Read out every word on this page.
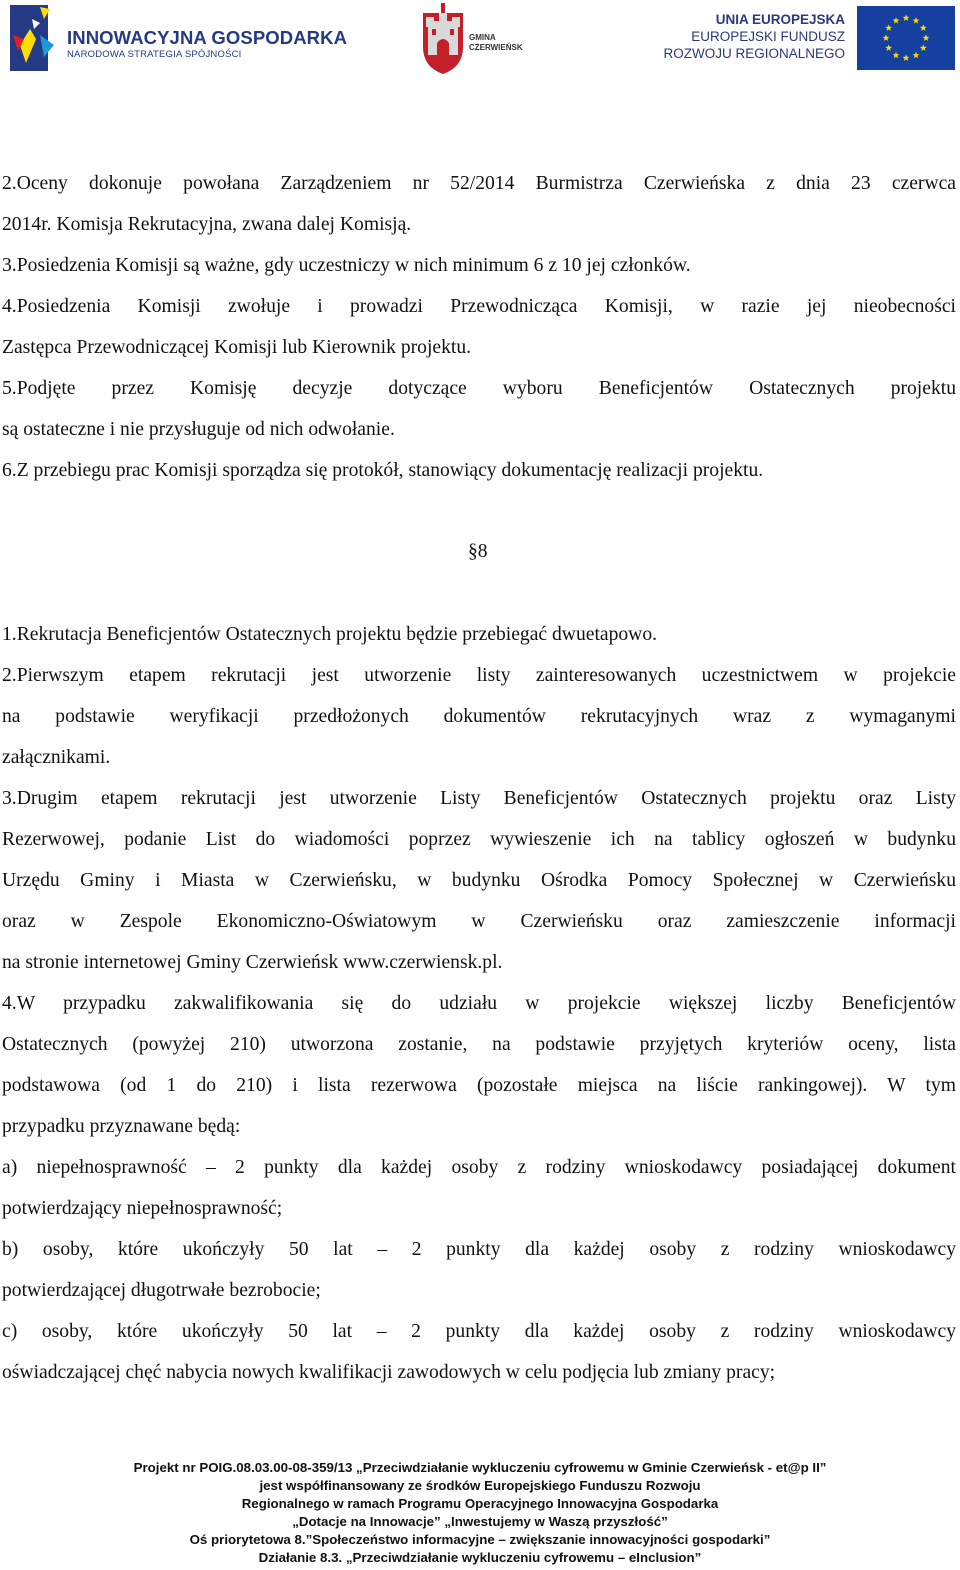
INNOWACYJNA GOSPODARKA
NARODOWA STRATEGIA SPÓJNOŚCI
GMINA
CZERWIEŃSK
UNIA EUROPEJSKA
EUROPEJSKI FUNDUSZ
ROZWOJU REGIONALNEGO
2.Oceny dokonuje powołana Zarządzeniem nr 52/2014 Burmistrza Czerwieńska z dnia 23 czerwca
2014r. Komisja Rekrutacyjna, zwana dalej Komisją.
3.Posiedzenia Komisji są ważne, gdy uczestniczy w nich minimum 6 z 10 jej członków.
4.Posiedzenia Komisji zwołuje i prowadzi Przewodnicząca Komisji, w razie jej nieobecności
Zastępca Przewodniczącej Komisji lub Kierownik projektu.
5.Podjęte przez Komisję decyzje dotyczące wyboru Beneficjentów Ostatecznych projektu
są ostateczne i nie przysługuje od nich odwołanie.
6.Z przebiegu prac Komisji sporządza się protokół, stanowiący dokumentację realizacji projektu.
§8
1.Rekrutacja Beneficjentów Ostatecznych projektu będzie przebiegać dwuetapowo.
2.Pierwszym etapem rekrutacji jest utworzenie listy zainteresowanych uczestnictwem w projekcie
na podstawie weryfikacji przedłożonych dokumentów rekrutacyjnych wraz z wymaganymi
załącznikami.
3.Drugim etapem rekrutacji jest utworzenie Listy Beneficjentów Ostatecznych projektu oraz Listy
Rezerwowej, podanie List do wiadomości poprzez wywieszenie ich na tablicy ogłoszeń w budynku
Urzędu Gminy i Miasta w Czerwieńsku, w budynku Ośrodka Pomocy Społecznej w Czerwieńsku
oraz w Zespole Ekonomiczno-Oświatowym w Czerwieńsku oraz zamieszczenie informacji
na stronie internetowej Gminy Czerwieńsk www.czerwiensk.pl.
4.W przypadku zakwalifikowania się do udziału w projekcie większej liczby Beneficjentów
Ostatecznych (powyżej 210) utworzona zostanie, na podstawie przyjętych kryteriów oceny, lista
podstawowa (od 1 do 210) i lista rezerwowa (pozostałe miejsca na liście rankingowej). W tym
przypadku przyznawane będą:
a) niepełnosprawność – 2 punkty dla każdej osoby z rodziny wnioskodawcy posiadającej dokument
potwierdzający niepełnosprawność;
b) osoby, które ukończyły 50 lat – 2 punkty dla każdej osoby z rodziny wnioskodawcy
potwierdzającej długotrwałe bezrobocie;
c) osoby, które ukończyły 50 lat – 2 punkty dla każdej osoby z rodziny wnioskodawcy
oświadczającej chęć nabycia nowych kwalifikacji zawodowych w celu podjęcia lub zmiany pracy;
Projekt nr POIG.08.03.00-08-359/13 „Przeciwdziałanie wykluczeniu cyfrowemu w Gminie Czerwieńsk - et@p II”
jest współfinansowany ze środków Europejskiego Funduszu Rozwoju
Regionalnego w ramach Programu Operacyjnego Innowacyjna Gospodarka
„Dotacje na Innowacje” „Inwestujemy w Waszą przyszłość”
Oś priorytetowa 8.”Społeczeństwo informacyjne – zwiększanie innowacyjności gospodarki”
Działanie 8.3. „Przeciwdziałanie wykluczeniu cyfrowemu – eInclusion”
